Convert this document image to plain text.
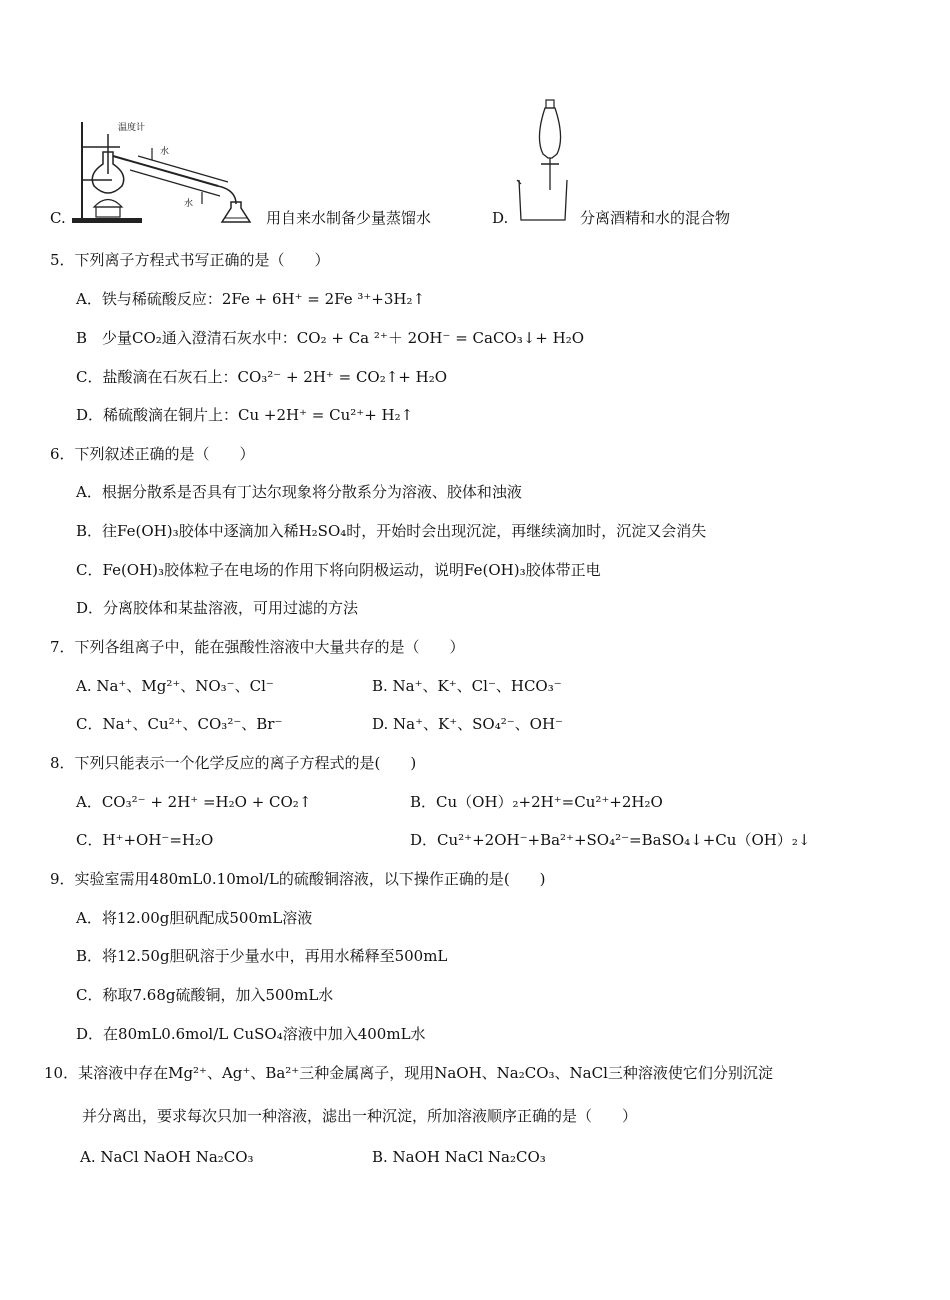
C.
温度计
水
水
用自来水制备少量蒸馏水	D.	分离酒精和水的混合物
5．下列离子方程式书写正确的是（　　）
A．铁与稀硫酸反应：2Fe + 6H⁺ = 2Fe ³⁺+3H₂↑
B　少量CO₂通入澄清石灰水中：CO₂ + Ca ²⁺＋ 2OH⁻ = CaCO₃↓+ H₂O
C．盐酸滴在石灰石上：CO₃²⁻ + 2H⁺ = CO₂↑+ H₂O
D．稀硫酸滴在铜片上：Cu +2H⁺ = Cu²⁺+ H₂↑
6．下列叙述正确的是（　　）
A．根据分散系是否具有丁达尔现象将分散系分为溶液、胶体和浊液
B．往Fe(OH)₃胶体中逐滴加入稀H₂SO₄时，开始时会出现沉淀，再继续滴加时，沉淀又会消失
C．Fe(OH)₃胶体粒子在电场的作用下将向阴极运动，说明Fe(OH)₃胶体带正电
D．分离胶体和某盐溶液，可用过滤的方法
7．下列各组离子中，能在强酸性溶液中大量共存的是（　　）
A. Na⁺、Mg²⁺、NO₃⁻、Cl⁻	B. Na⁺、K⁺、Cl⁻、HCO₃⁻
C．Na⁺、Cu²⁺、CO₃²⁻、Br⁻	D. Na⁺、K⁺、SO₄²⁻、OH⁻
8．下列只能表示一个化学反应的离子方程式的是(　　)
A．CO₃²⁻ + 2H⁺ =H₂O + CO₂↑	B．Cu（OH）₂+2H⁺=Cu²⁺+2H₂O
C．H⁺+OH⁻=H₂O	D．Cu²⁺+2OH⁻+Ba²⁺+SO₄²⁻=BaSO₄↓+Cu（OH）₂↓
9．实验室需用480mL0.10mol/L的硫酸铜溶液，以下操作正确的是(　　)
A．将12.00g胆矾配成500mL溶液
B．将12.50g胆矾溶于少量水中，再用水稀释至500mL
C．称取7.68g硫酸铜，加入500mL水
D．在80mL0.6mol/L CuSO₄溶液中加入400mL水
10．某溶液中存在Mg²⁺、Ag⁺、Ba²⁺三种金属离子，现用NaOH、Na₂CO₃、NaCl三种溶液使它们分别沉淀
并分离出，要求每次只加一种溶液，滤出一种沉淀，所加溶液顺序正确的是（　　）
A. NaCl NaOH Na₂CO₃	B. NaOH NaCl Na₂CO₃
